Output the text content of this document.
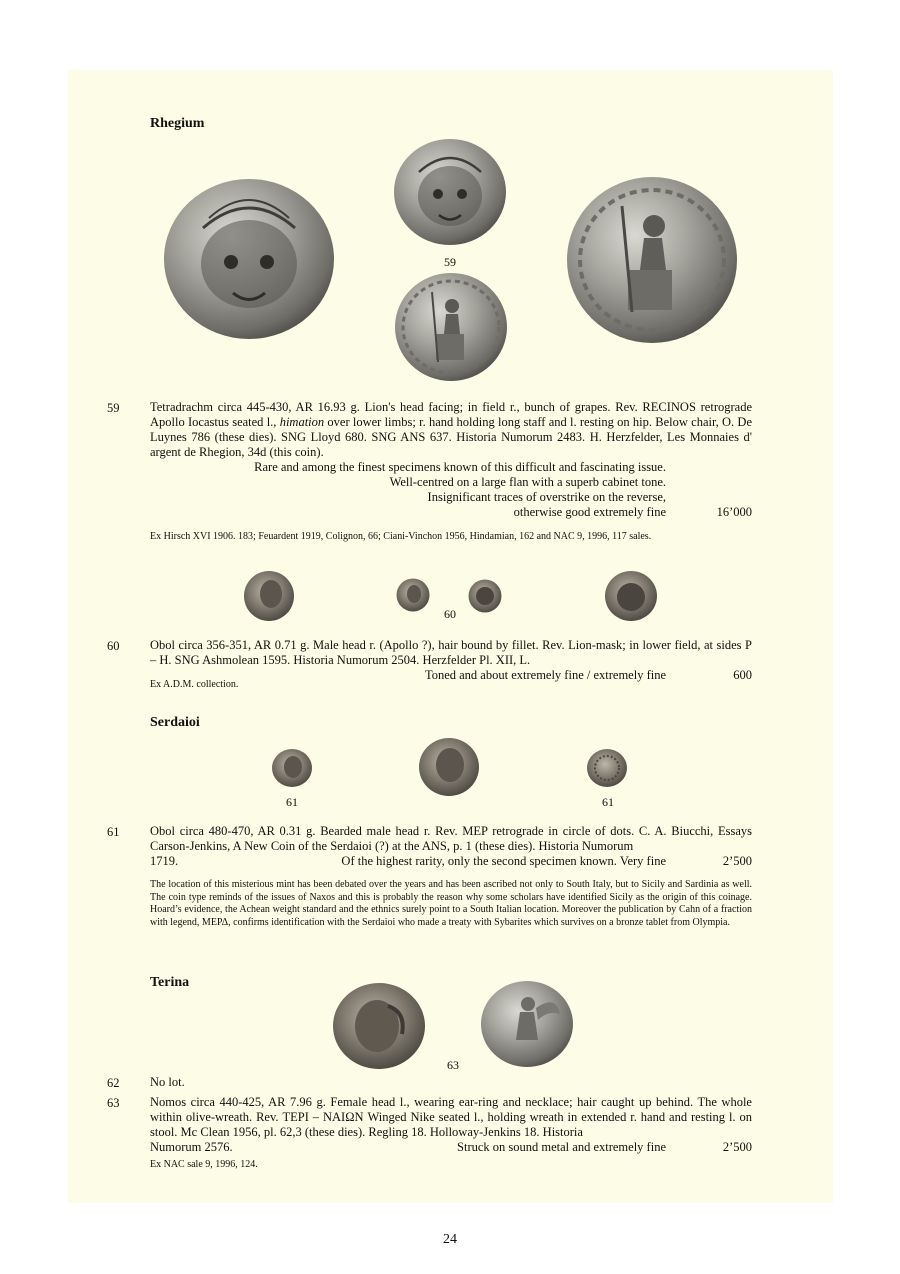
Rhegium
59
59 Tetradrachm circa 445-430, AR 16.93 g. Lion's head facing; in field r., bunch of grapes. Rev. RECINOS retrograde Apollo Iocastus seated l., himation over lower limbs; r. hand holding long staff and l. resting on hip. Below chair, O. De Luynes 786 (these dies). SNG Lloyd 680. SNG ANS 637. Historia Numorum 2483. H. Herzfelder, Les Monnaies d' argent de Rhegion, 34d (this coin).
Rare and among the finest specimens known of this difficult and fascinating issue.
Well-centred on a large flan with a superb cabinet tone.
Insignificant traces of overstrike on the reverse,
otherwise good extremely fine	16’000
Ex Hirsch XVI 1906. 183; Feuardent 1919, Colignon, 66; Ciani-Vinchon 1956, Hindamian, 162 and NAC 9, 1996, 117 sales.
60
60 Obol circa 356-351, AR 0.71 g. Male head r. (Apollo ?), hair bound by fillet. Rev. Lion-mask; in lower field, at sides P – H. SNG Ashmolean 1595. Historia Numorum 2504. Herzfelder Pl. XII, L.
Toned and about extremely fine / extremely fine	600
Ex A.D.M. collection.
Serdaioi
61	61
61 Obol circa 480-470, AR 0.31 g. Bearded male head r. Rev. MEP retrograde in circle of dots. C. A. Biucchi, Essays Carson-Jenkins, A New Coin of the Serdaioi (?) at the ANS, p. 1 (these dies). Historia Numorum
1719.	Of the highest rarity, only the second specimen known. Very fine	2’500
The location of this misterious mint has been debated over the years and has been ascribed not only to South Italy, but to Sicily and Sardinia as well. The coin type reminds of the issues of Naxos and this is probably the reason why some scholars have identified Sicily as the origin of this coinage. Hoard’s evidence, the Achean weight standard and the ethnics surely point to a South Italian location. Moreover the publication by Cahn of a fraction with legend, ΜΕΡΔ, confirms identification with the Serdaioi who made a treaty with Sybarites which survives on a bronze tablet from Olympia.
Terina
63
62 No lot.
63 Nomos circa 440-425, AR 7.96 g. Female head l., wearing ear-ring and necklace; hair caught up behind. The whole within olive-wreath. Rev. ΤΕΡΙ – ΝΑΙΩΝ Winged Nike seated l., holding wreath in extended r. hand and resting l. on stool. Mc Clean 1956, pl. 62,3 (these dies). Regling 18. Holloway-Jenkins 18. Historia
Numorum 2576.	Struck on sound metal and extremely fine	2’500
Ex NAC sale 9, 1996, 124.
24
